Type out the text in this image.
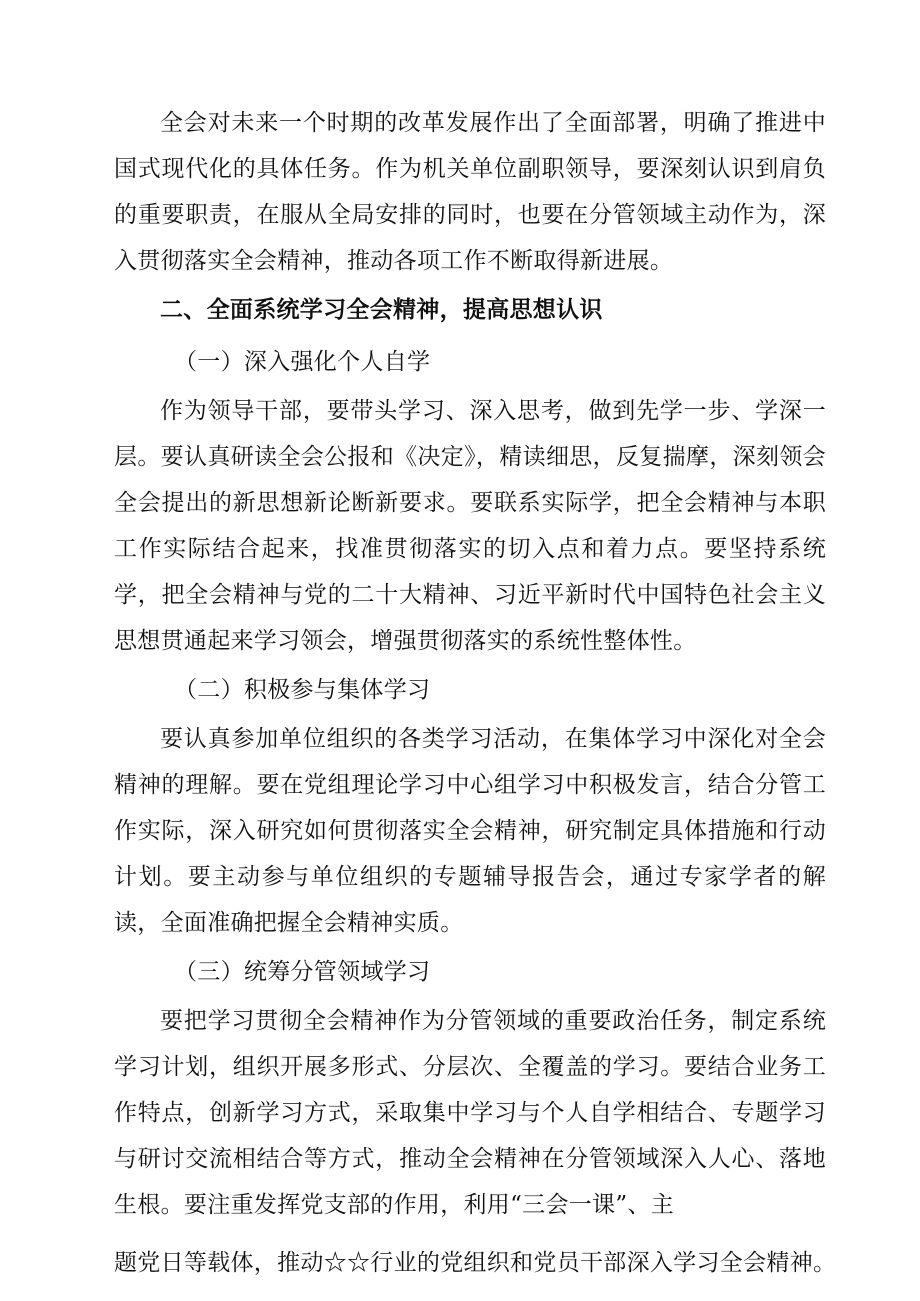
全会对未来一个时期的改革发展作出了全面部署，明确了推进中国式现代化的具体任务。作为机关单位副职领导，要深刻认识到肩负的重要职责，在服从全局安排的同时，也要在分管领域主动作为，深入贯彻落实全会精神，推动各项工作不断取得新进展。

二、全面系统学习全会精神，提高思想认识

（一）深入强化个人自学

作为领导干部，要带头学习、深入思考，做到先学一步、学深一层。要认真研读全会公报和《决定》，精读细思，反复揣摩，深刻领会全会提出的新思想新论断新要求。要联系实际学，把全会精神与本职工作实际结合起来，找准贯彻落实的切入点和着力点。要坚持系统学，把全会精神与党的二十大精神、习近平新时代中国特色社会主义思想贯通起来学习领会，增强贯彻落实的系统性整体性。

（二）积极参与集体学习

要认真参加单位组织的各类学习活动，在集体学习中深化对全会精神的理解。要在党组理论学习中心组学习中积极发言，结合分管工作实际，深入研究如何贯彻落实全会精神，研究制定具体措施和行动计划。要主动参与单位组织的专题辅导报告会，通过专家学者的解读，全面准确把握全会精神实质。

（三）统筹分管领域学习

要把学习贯彻全会精神作为分管领域的重要政治任务，制定系统学习计划，组织开展多形式、分层次、全覆盖的学习。要结合业务工作特点，创新学习方式，采取集中学习与个人自学相结合、专题学习与研讨交流相结合等方式，推动全会精神在分管领域深入人心、落地生根。要注重发挥党支部的作用，利用“三会一课”、主

题党日等载体，推动☆☆行业的党组织和党员干部深入学习全会精神。
